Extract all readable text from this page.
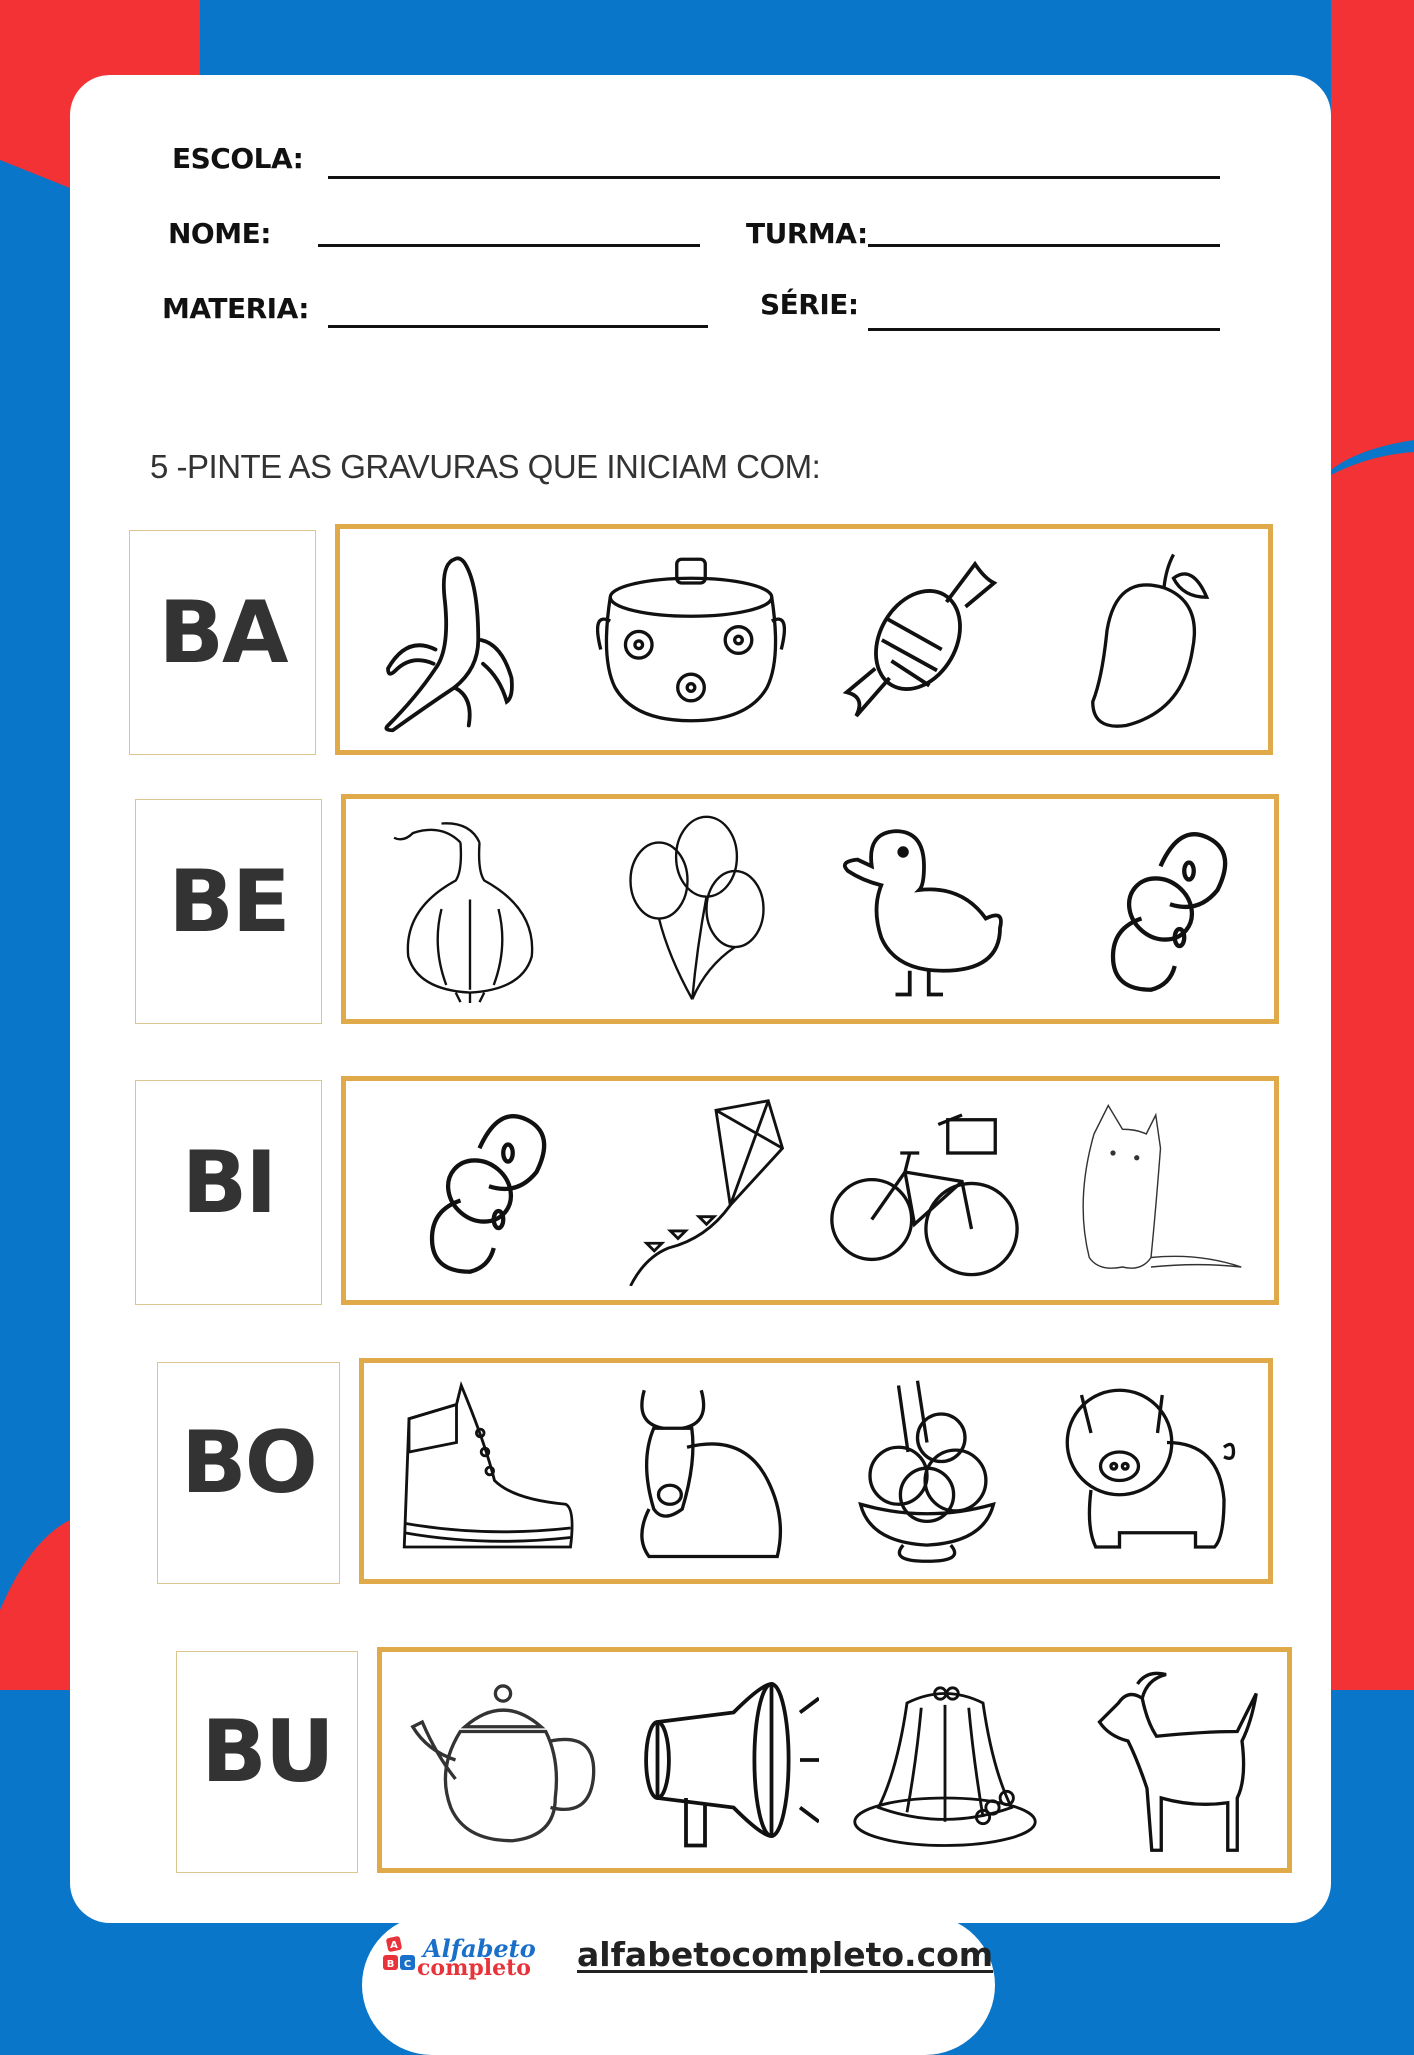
ESCOLA:
NOME:	TURMA:
MATERIA:	SÉRIE:
5 -PINTE AS GRAVURAS QUE INICIAM COM:
BA
BE
BI
BO
BU
A
B C
Alfabeto
completo alfabetocompleto.com
